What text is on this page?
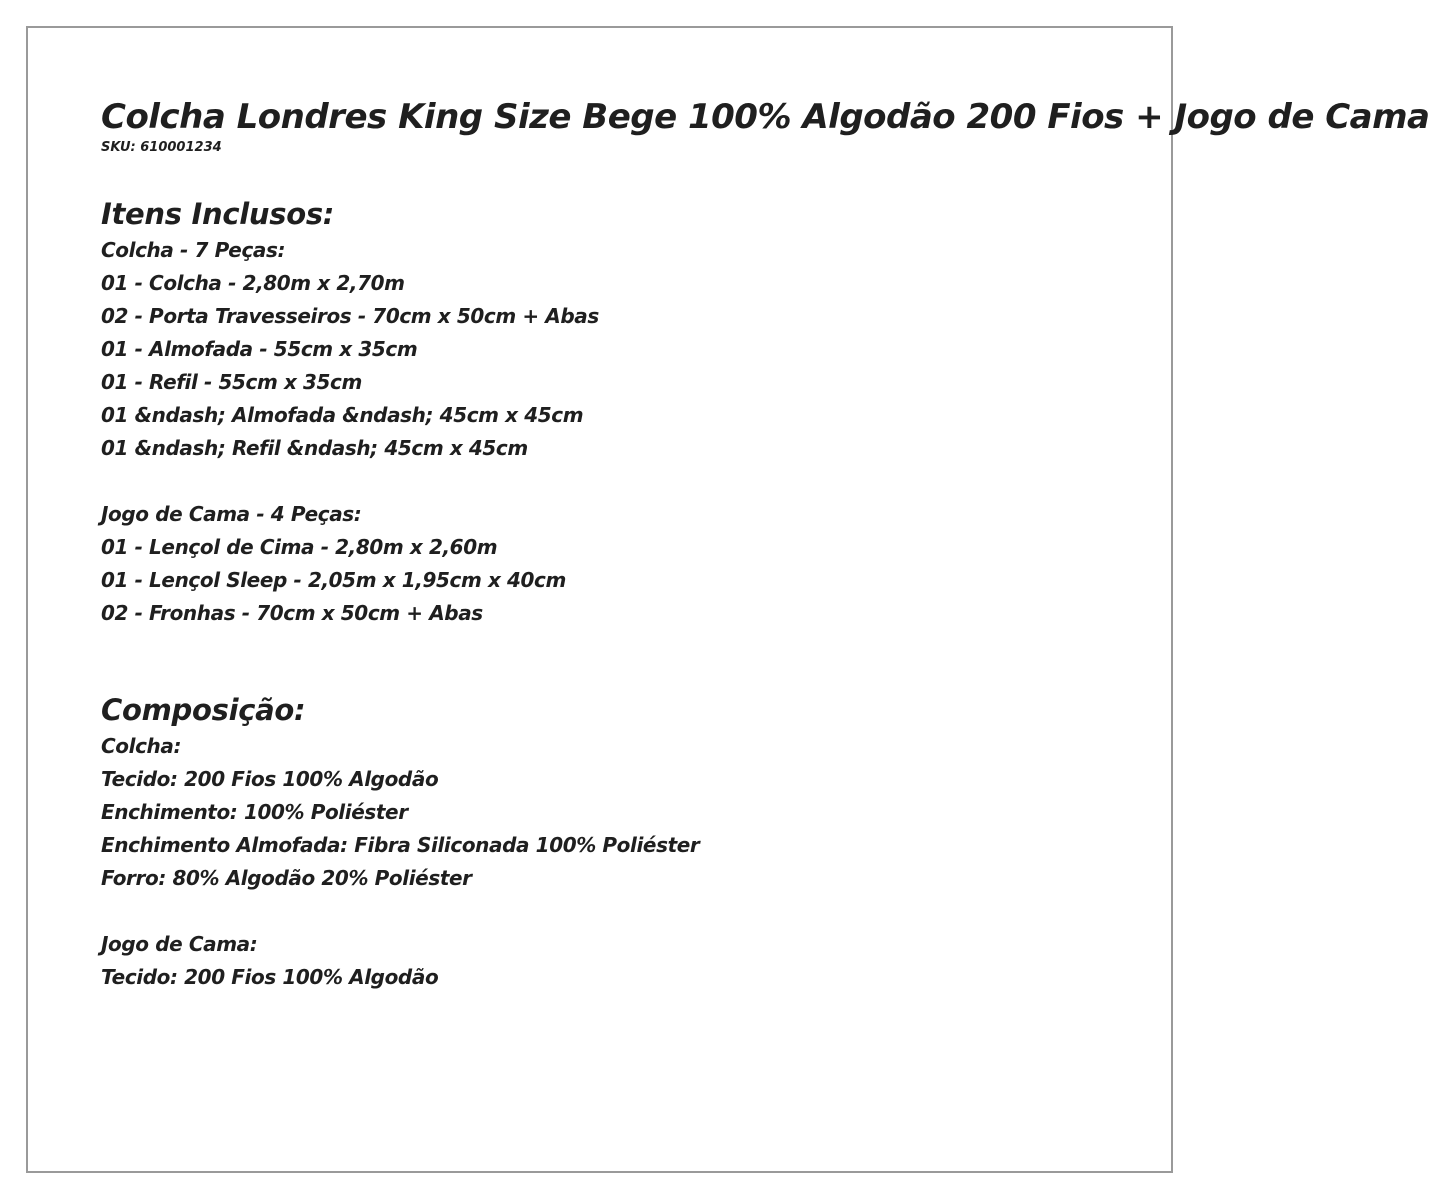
Colcha Londres King Size Bege 100% Algodão 200 Fios + Jogo de Cama
SKU: 610001234
Itens Inclusos:
Colcha - 7 Peças:
01 - Colcha - 2,80m x 2,70m
02 - Porta Travesseiros - 70cm x 50cm + Abas
01 - Almofada - 55cm x 35cm
01 - Refil - 55cm x 35cm
01 &ndash; Almofada &ndash; 45cm x 45cm
01 &ndash; Refil &ndash; 45cm x 45cm
Jogo de Cama - 4 Peças:
01 - Lençol de Cima - 2,80m x 2,60m
01 - Lençol Sleep - 2,05m x 1,95cm x 40cm
02 - Fronhas - 70cm x 50cm + Abas
Composição:
Colcha:
Tecido: 200 Fios 100% Algodão
Enchimento: 100% Poliéster
Enchimento Almofada: Fibra Siliconada 100% Poliéster
Forro: 80% Algodão 20% Poliéster
Jogo de Cama:
Tecido: 200 Fios 100% Algodão
